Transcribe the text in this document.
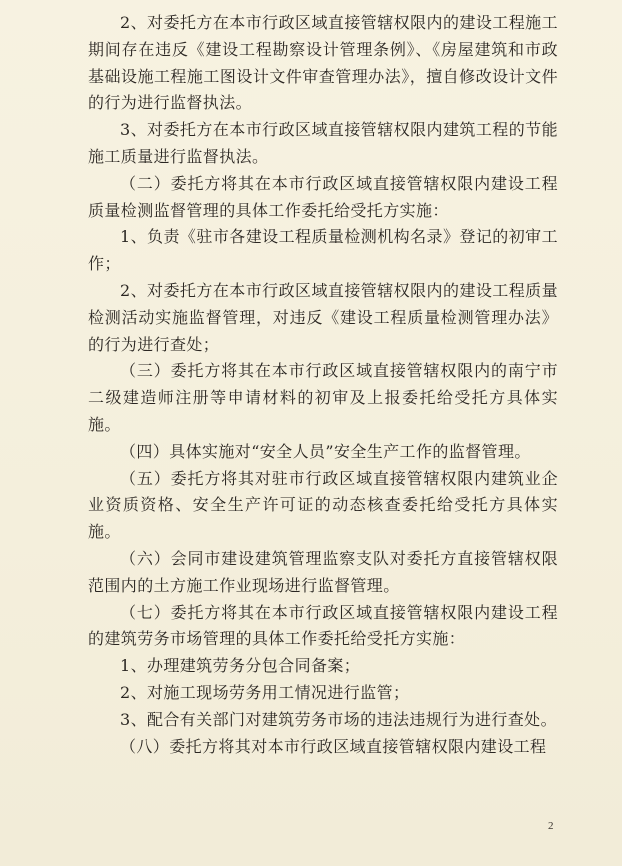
2、对委托方在本市行政区域直接管辖权限内的建设工程施工期间存在违反《建设工程勘察设计管理条例》、《房屋建筑和市政基础设施工程施工图设计文件审查管理办法》，擅自修改设计文件的行为进行监督执法。

3、对委托方在本市行政区域直接管辖权限内建筑工程的节能施工质量进行监督执法。

（二）委托方将其在本市行政区域直接管辖权限内建设工程质量检测监督管理的具体工作委托给受托方实施：

1、负责《驻市各建设工程质量检测机构名录》登记的初审工作；

2、对委托方在本市行政区域直接管辖权限内的建设工程质量检测活动实施监督管理，对违反《建设工程质量检测管理办法》的行为进行查处；

（三）委托方将其在本市行政区域直接管辖权限内的南宁市二级建造师注册等申请材料的初审及上报委托给受托方具体实施。

（四）具体实施对“安全人员”安全生产工作的监督管理。

（五）委托方将其对驻市行政区域直接管辖权限内建筑业企业资质资格、安全生产许可证的动态核查委托给受托方具体实施。

（六）会同市建设建筑管理监察支队对委托方直接管辖权限范围内的土方施工作业现场进行监督管理。

（七）委托方将其在本市行政区域直接管辖权限内建设工程的建筑劳务市场管理的具体工作委托给受托方实施：

1、办理建筑劳务分包合同备案；

2、对施工现场劳务用工情况进行监管；

3、配合有关部门对建筑劳务市场的违法违规行为进行查处。

（八）委托方将其对本市行政区域直接管辖权限内建设工程

2
